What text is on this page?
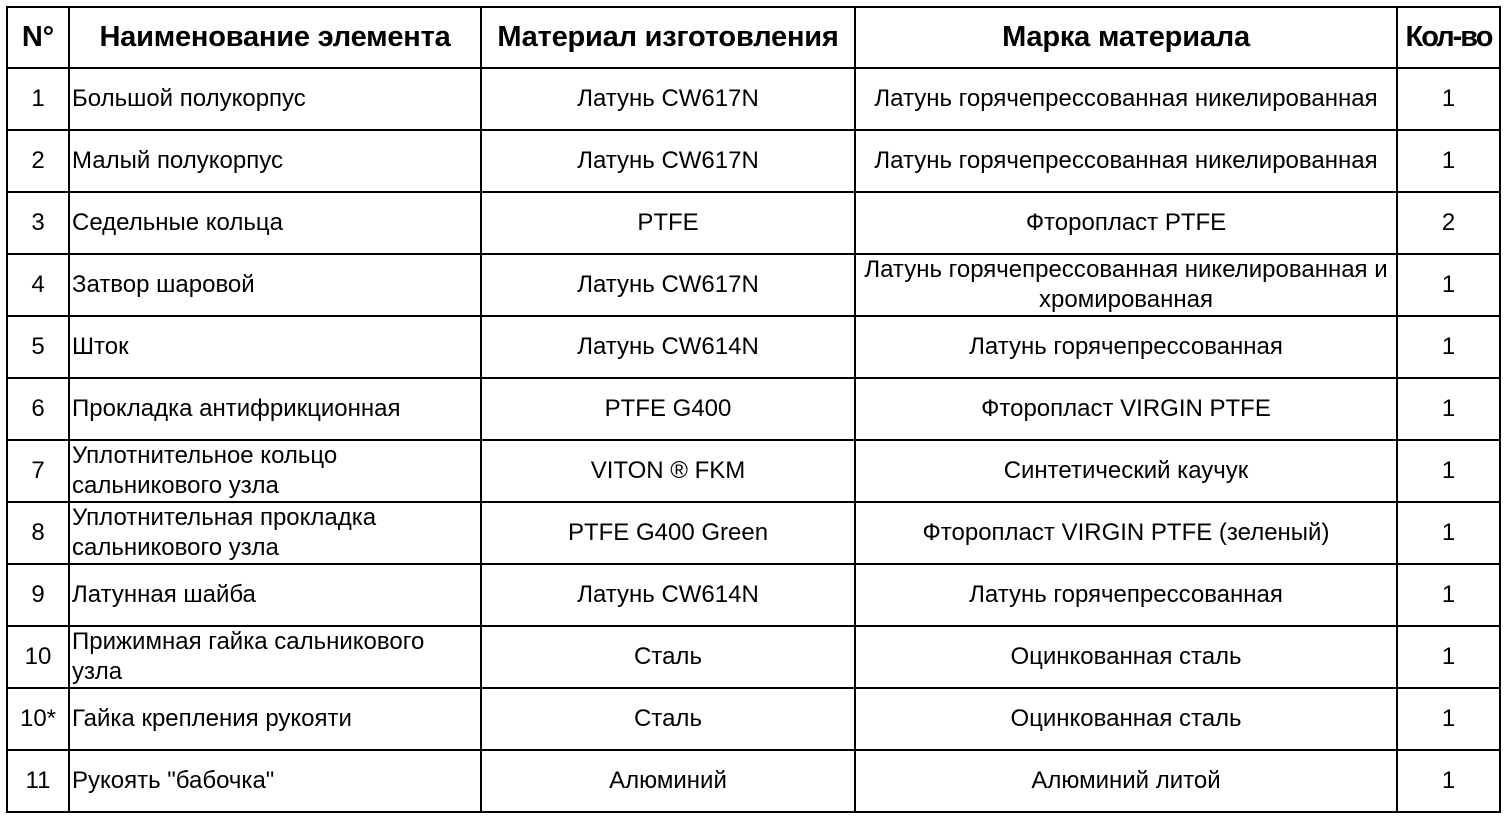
N°	Наименование элемента	Материал изготовления	Марка материала	Кол-во
1	Большой полукорпус	Латунь CW617N	Латунь горячепрессованная никелированная	1
2	Малый полукорпус	Латунь CW617N	Латунь горячепрессованная никелированная	1
3	Седельные кольца	PTFE	Фторопласт PTFE	2
4	Затвор шаровой	Латунь CW617N	Латунь горячепрессованная никелированная и хромированная	1
5	Шток	Латунь CW614N	Латунь горячепрессованная	1
6	Прокладка антифрикционная	PTFE G400	Фторопласт VIRGIN PTFE	1
7	Уплотнительное кольцо сальникового узла	VITON ® FKM	Синтетический каучук	1
8	Уплотнительная прокладка сальникового узла	PTFE G400 Green	Фторопласт VIRGIN PTFE (зеленый)	1
9	Латунная шайба	Латунь CW614N	Латунь горячепрессованная	1
10	Прижимная гайка сальникового узла	Сталь	Оцинкованная сталь	1
10*	Гайка крепления рукояти	Сталь	Оцинкованная сталь	1
11	Рукоять "бабочка"	Алюминий	Алюминий литой	1
